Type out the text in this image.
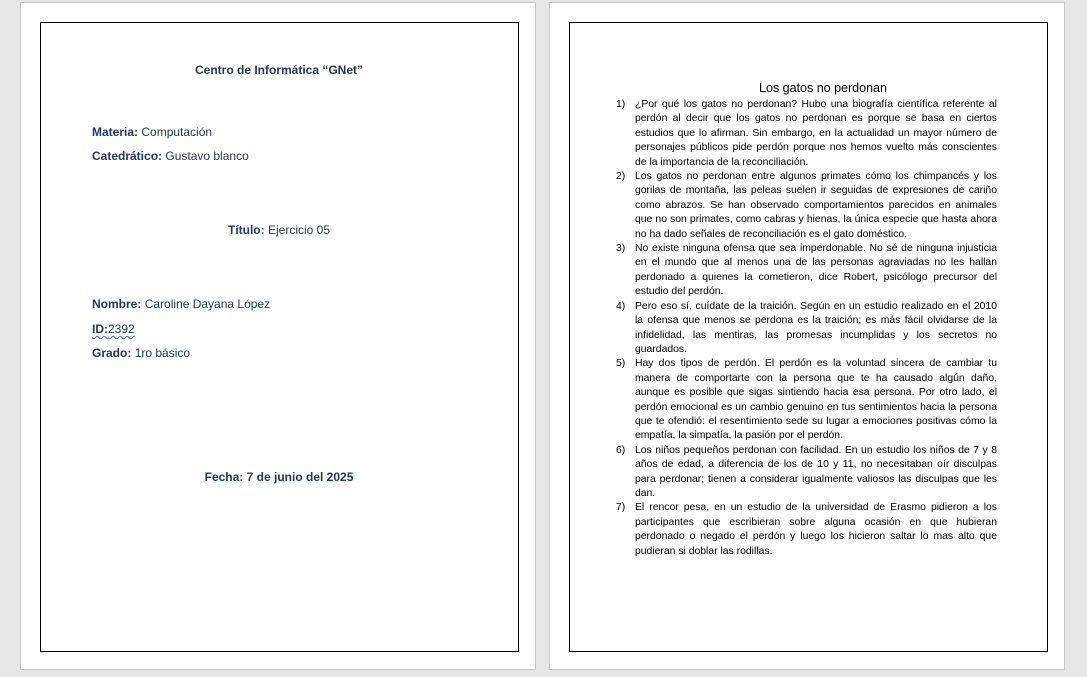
Centro de Informática “GNet”
Materia: Computación
Catedrático: Gustavo blanco
Título: Ejercicio 05
Nombre: Caroline Dayana López
ID:2392
Grado: 1ro básico
Fecha: 7 de junio del 2025
Los gatos no perdonan
1. ¿Por qué los gatos no perdonan? Hubo una biografía científica referente al perdón al decir que los gatos no perdonan es porque se basa en ciertos estudios que lo afirman. Sin embargo, en la actualidad un mayor número de personajes públicos pide perdón porque nos hemos vuelto más conscientes de la importancia de la reconciliación.
2. Los gatos no perdonan entre algunos primates cómo los chimpancés y los gorilas de montaña, las peleas suelen ir seguidas de expresiones de cariño como abrazos. Se han observado comportamientos parecidos en animales que no son primates, como cabras y hienas, la única especie que hasta ahora no ha dado señales de reconciliación es el gato doméstico.
3. No existe ninguna ofensa que sea imperdonable. No sé de ninguna injusticia en el mundo que al menos una de las personas agraviadas no les hallan perdonado a quienes la cometieron, dice Robert, psicólogo precursor del estudio del perdón.
4. Pero eso sí, cuídate de la traición. Según en un estudio realizado en el 2010 la ofensa que menos se perdona es la traición; es más fácil olvidarse de la infidelidad, las mentiras, las promesas incumplidas y los secretos no guardados.
5. Hay dos tipos de perdón. El perdón es la voluntad sincera de cambiar tu manera de comportarte con la persona que te ha causado algún daño, aunque es posible que sigas sintiendo hacia esa persona. Por otro lado, el perdón emocional es un cambio genuino en tus sentimientos hacia la persona que te ofendió: el resentimiento sede su lugar a emociones positivas cómo la empatía, la simpatía, la pasión por el perdón.
6. Los niños pequeños perdonan con facilidad. En un estudio los niños de 7 y 8 años de edad, a diferencia de los de 10 y 11, no necesitaban oír disculpas para perdonar; tienen a considerar igualmente valiosos las disculpas que les dan.
7. El rencor pesa, en un estudio de la universidad de Erasmo pidieron a los participantes que escribieran sobre alguna ocasión en que hubieran perdonado o negado el perdón y luego los hicieron saltar lo mas alto que pudieran si doblar las rodillas.
